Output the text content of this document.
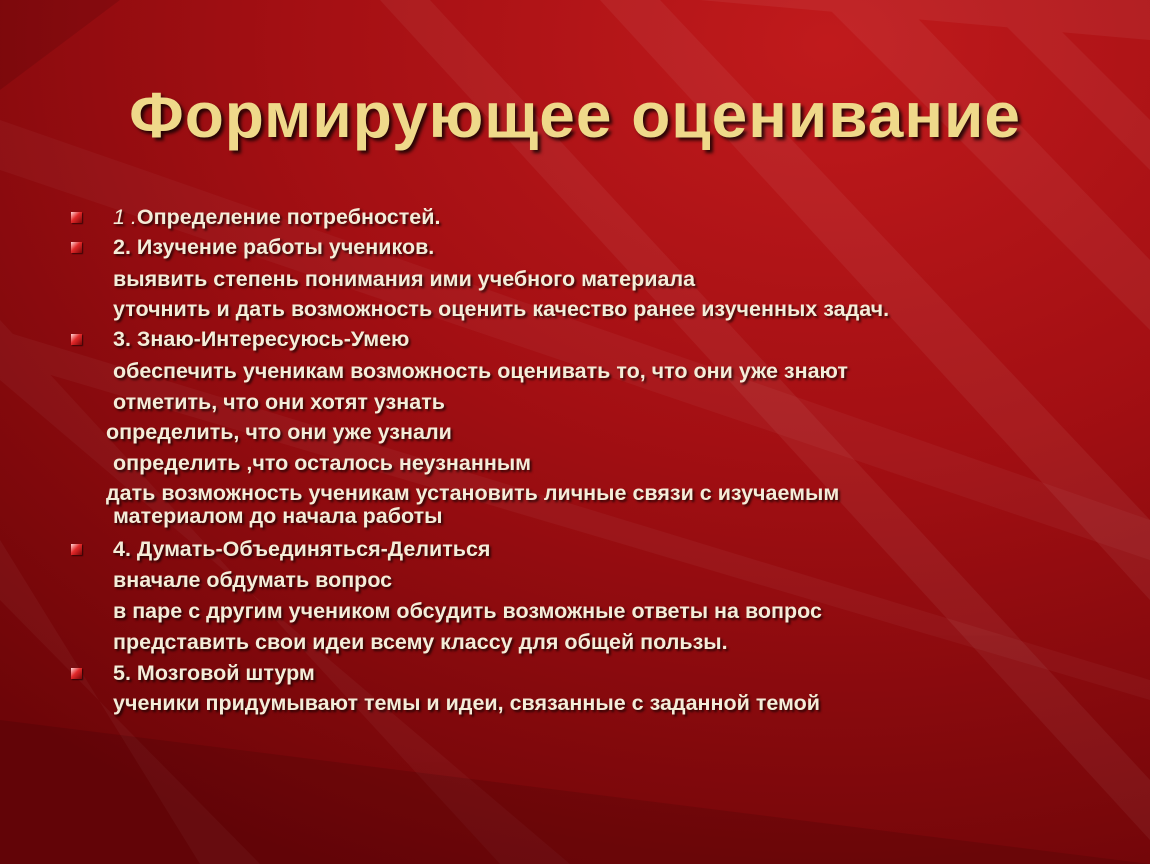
Формирующее оценивание
1 .Определение потребностей.
2. Изучение работы учеников.
выявить степень понимания ими учебного материала
уточнить и дать возможность оценить качество ранее изученных задач.
3. Знаю-Интересуюсь-Умею
обеспечить ученикам возможность оценивать то, что они уже знают
отметить, что они хотят узнать
определить, что они уже узнали
определить ,что осталось неузнанным
дать возможность ученикам установить личные связи с изучаемым
материалом до начала работы
4. Думать-Объединяться-Делиться
вначале обдумать вопрос
в паре с другим учеником обсудить возможные ответы на вопрос
представить свои идеи всему классу для общей пользы.
5. Мозговой штурм
ученики придумывают темы и идеи, связанные с заданной темой
